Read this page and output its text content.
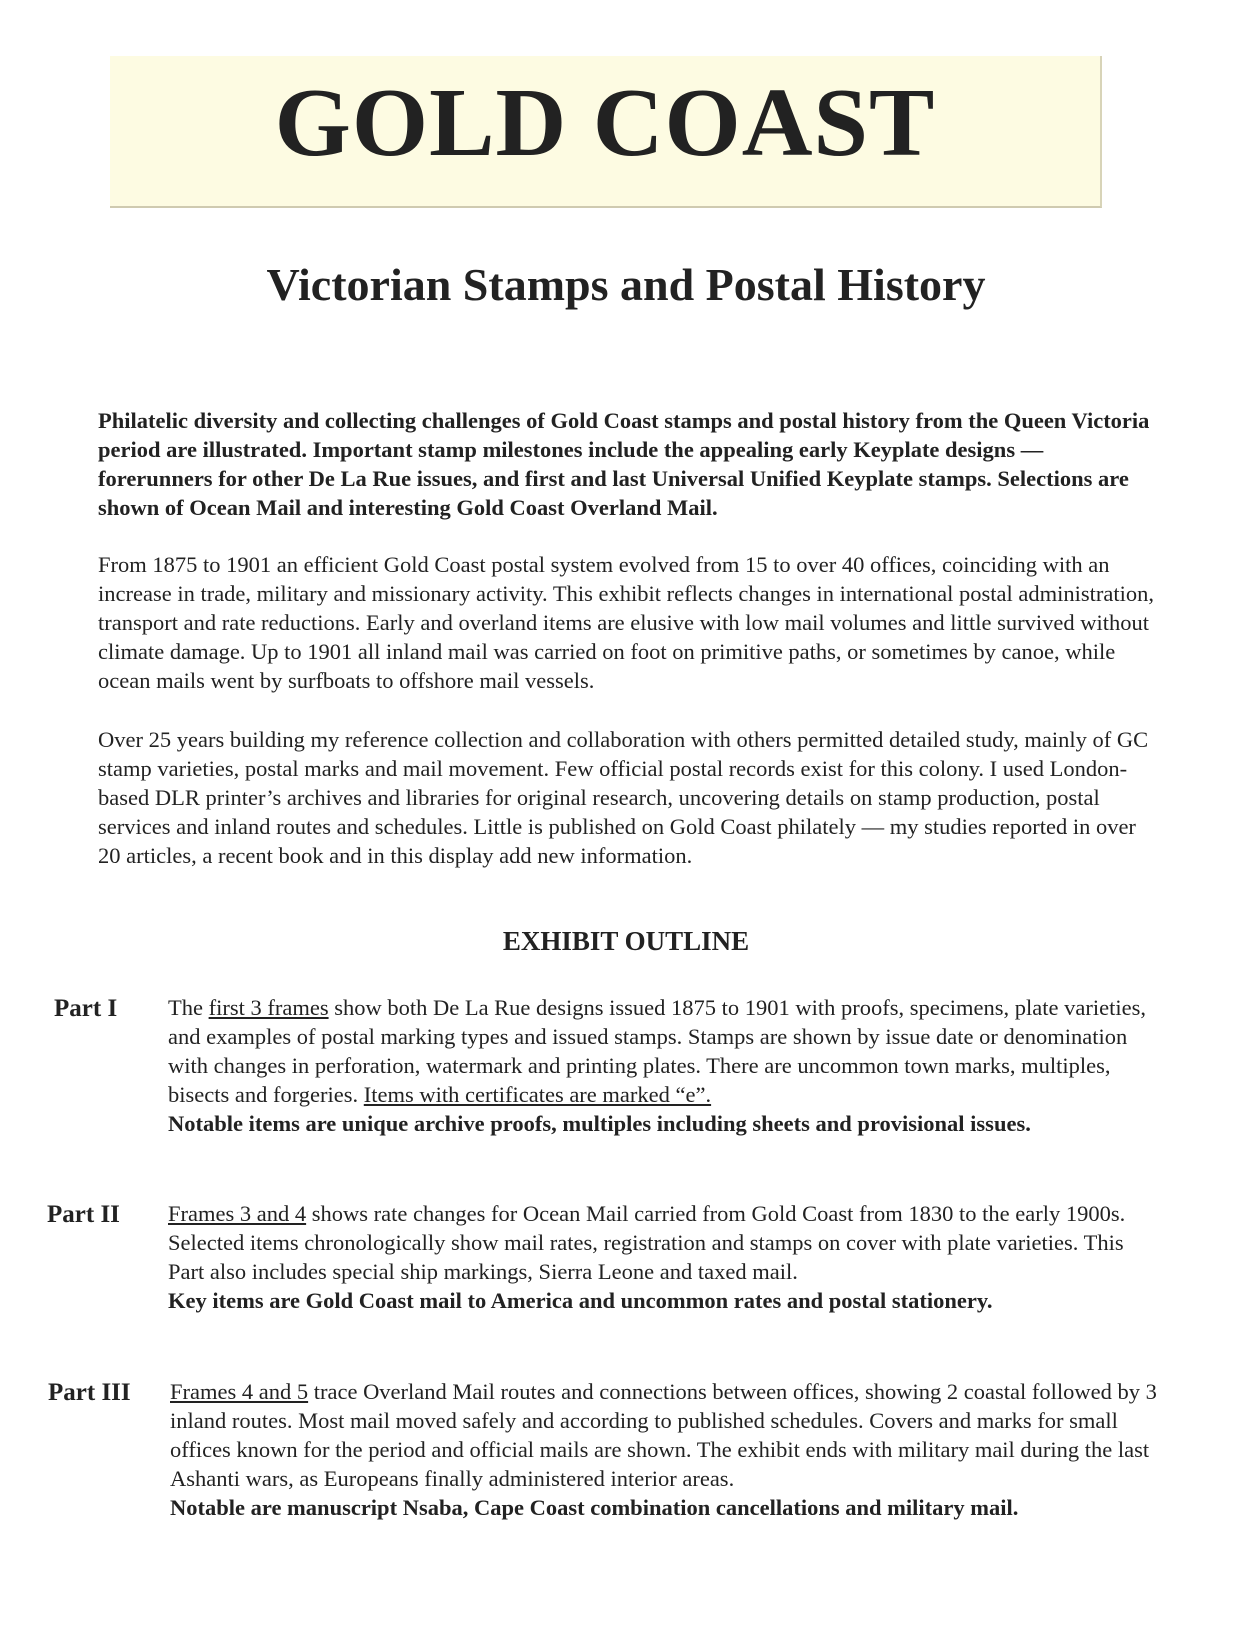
GOLD COAST
Victorian Stamps and Postal History

Philatelic diversity and collecting challenges of Gold Coast stamps and postal history from the Queen Victoria period are illustrated. Important stamp milestones include the appealing early Keyplate designs — forerunners for other De La Rue issues, and first and last Universal Unified Keyplate stamps. Selections are shown of Ocean Mail and interesting Gold Coast Overland Mail.

From 1875 to 1901 an efficient Gold Coast postal system evolved from 15 to over 40 offices, coinciding with an increase in trade, military and missionary activity. This exhibit reflects changes in international postal administration, transport and rate reductions. Early and overland items are elusive with low mail volumes and little survived without climate damage. Up to 1901 all inland mail was carried on foot on primitive paths, or sometimes by canoe, while ocean mails went by surfboats to offshore mail vessels.

Over 25 years building my reference collection and collaboration with others permitted detailed study, mainly of GC stamp varieties, postal marks and mail movement. Few official postal records exist for this colony. I used London-based DLR printer’s archives and libraries for original research, uncovering details on stamp production, postal services and inland routes and schedules. Little is published on Gold Coast philately — my studies reported in over 20 articles, a recent book and in this display add new information.

EXHIBIT OUTLINE
Part I The first 3 frames show both De La Rue designs issued 1875 to 1901 with proofs, specimens, plate varieties, and examples of postal marking types and issued stamps. Stamps are shown by issue date or denomination with changes in perforation, watermark and printing plates. There are uncommon town marks, multiples, bisects and forgeries. Items with certificates are marked “e”.
Notable items are unique archive proofs, multiples including sheets and provisional issues.

Part II Frames 3 and 4 shows rate changes for Ocean Mail carried from Gold Coast from 1830 to the early 1900s. Selected items chronologically show mail rates, registration and stamps on cover with plate varieties. This Part also includes special ship markings, Sierra Leone and taxed mail.
Key items are Gold Coast mail to America and uncommon rates and postal stationery.

Part III Frames 4 and 5 trace Overland Mail routes and connections between offices, showing 2 coastal followed by 3 inland routes. Most mail moved safely and according to published schedules. Covers and marks for small offices known for the period and official mails are shown. The exhibit ends with military mail during the last Ashanti wars, as Europeans finally administered interior areas.
Notable are manuscript Nsaba, Cape Coast combination cancellations and military mail.
